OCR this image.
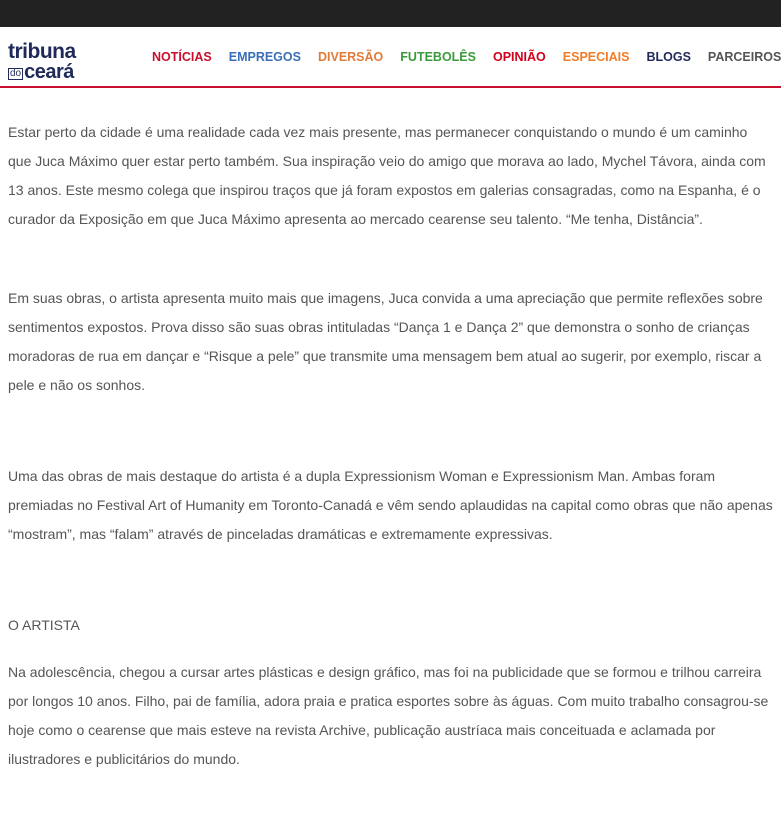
tribuna
do ceará
NOTÍCIAS EMPREGOS DIVERSÃO FUTEBOLÊS OPINIÃO ESPECIAIS BLOGS PARCEIROS

Estar perto da cidade é uma realidade cada vez mais presente, mas permanecer conquistando o mundo é um caminho que Juca Máximo quer estar perto também. Sua inspiração veio do amigo que morava ao lado, Mychel Távora, ainda com 13 anos. Este mesmo colega que inspirou traços que já foram expostos em galerias consagradas, como na Espanha, é o curador da Exposição em que Juca Máximo apresenta ao mercado cearense seu talento. “Me tenha, Distância”.

Em suas obras, o artista apresenta muito mais que imagens, Juca convida a uma apreciação que permite reflexões sobre sentimentos expostos. Prova disso são suas obras intituladas “Dança 1 e Dança 2” que demonstra o sonho de crianças moradoras de rua em dançar e “Risque a pele” que transmite uma mensagem bem atual ao sugerir, por exemplo, riscar a pele e não os sonhos.

Uma das obras de mais destaque do artista é a dupla Expressionism Woman e Expressionism Man. Ambas foram premiadas no Festival Art of Humanity em Toronto-Canadá e vêm sendo aplaudidas na capital como obras que não apenas “mostram”, mas “falam” através de pinceladas dramáticas e extremamente expressivas.

O ARTISTA

Na adolescência, chegou a cursar artes plásticas e design gráfico, mas foi na publicidade que se formou e trilhou carreira por longos 10 anos. Filho, pai de família, adora praia e pratica esportes sobre às águas. Com muito trabalho consagrou-se hoje como o cearense que mais esteve na revista Archive, publicação austríaca mais conceituada e aclamada por ilustradores e publicitários do mundo.
